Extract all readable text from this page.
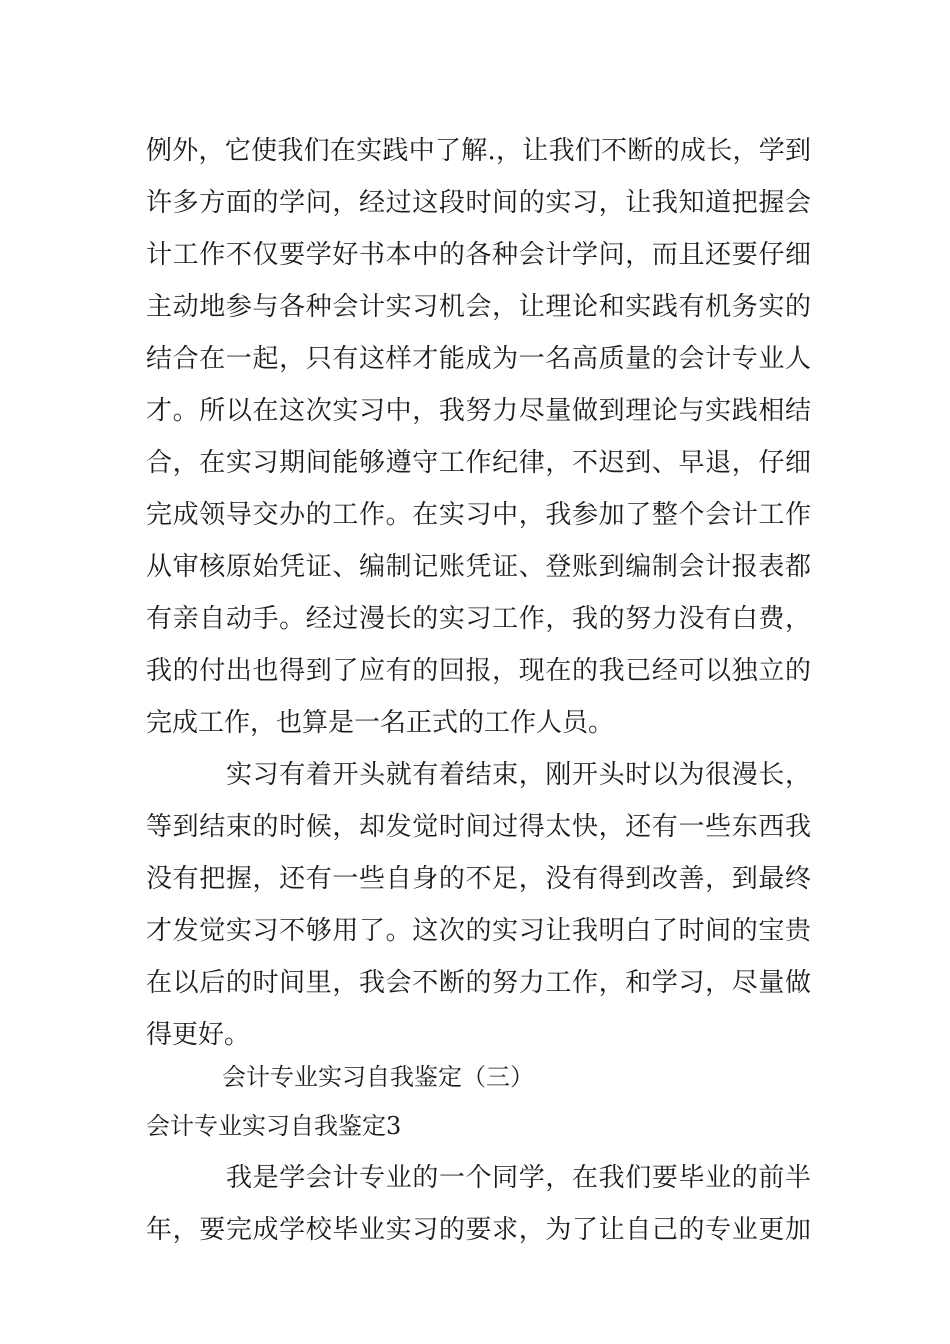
例外，它使我们在实践中了解.，让我们不断的成长，学到
许多方面的学问，经过这段时间的实习，让我知道把握会
计工作不仅要学好书本中的各种会计学问，而且还要仔细
主动地参与各种会计实习机会，让理论和实践有机务实的
结合在一起，只有这样才能成为一名高质量的会计专业人
才。所以在这次实习中，我努力尽量做到理论与实践相结
合，在实习期间能够遵守工作纪律，不迟到、早退，仔细
完成领导交办的工作。在实习中，我参加了整个会计工作
从审核原始凭证、编制记账凭证、登账到编制会计报表都
有亲自动手。经过漫长的实习工作，我的努力没有白费，
我的付出也得到了应有的回报，现在的我已经可以独立的
完成工作，也算是一名正式的工作人员。
实习有着开头就有着结束，刚开头时以为很漫长，
等到结束的时候，却发觉时间过得太快，还有一些东西我
没有把握，还有一些自身的不足，没有得到改善，到最终
才发觉实习不够用了。这次的实习让我明白了时间的宝贵
在以后的时间里，我会不断的努力工作，和学习，尽量做
得更好。
会计专业实习自我鉴定（三）
会计专业实习自我鉴定3
我是学会计专业的一个同学，在我们要毕业的前半
年，要完成学校毕业实习的要求，为了让自己的专业更加
